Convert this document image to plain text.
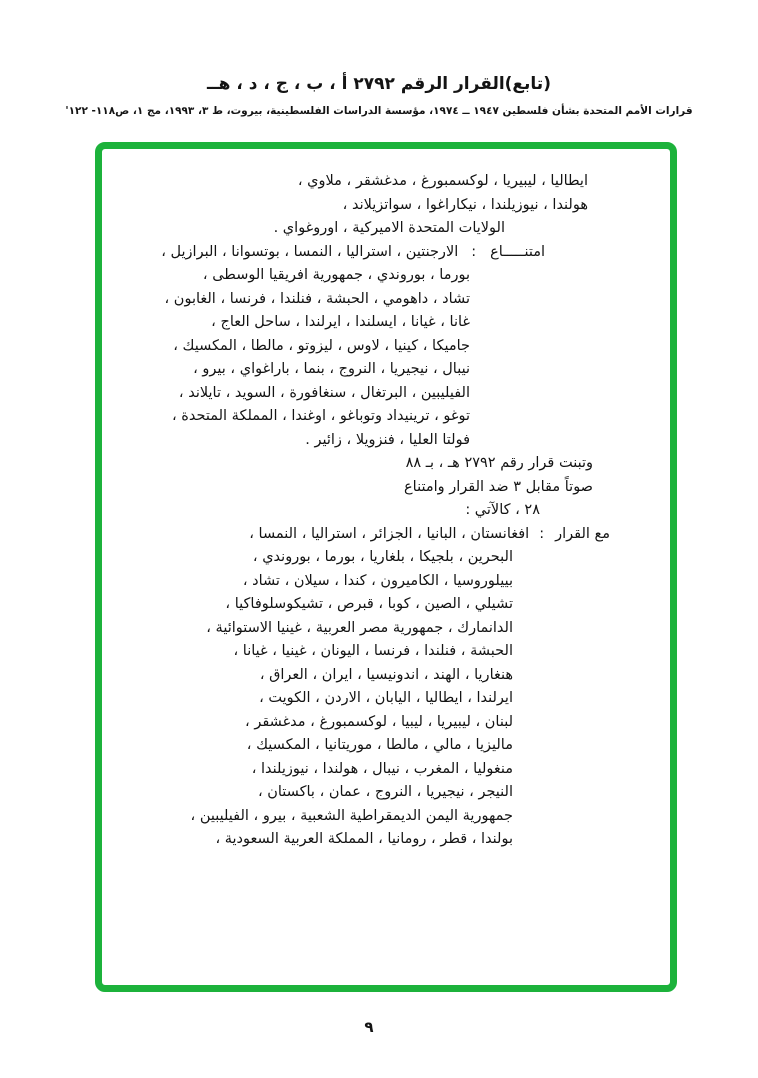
(تابع)القرار الرقم ٢٧٩٢ أ ، ب ، ج ، د ، هــ
قرارات الأمم المتحدة بشأن فلسطين ١٩٤٧ ــ ١٩٧٤، مؤسسة الدراسات الفلسطينية، بيروت، ط ٣، ١٩٩٣، مج ١، ص١١٨- ١٢٢'
ايطاليا ، ليبيريا ، لوكسمبورغ ، مدغشقر ، ملاوي ،
هولندا ، نيوزيلندا ، نيكاراغوا ، سواتزيلاند ،
الولايات المتحدة الاميركية ، اوروغواي .
امتنـــــاع:الارجنتين ، استراليا ، النمسا ، بوتسوانا ، البرازيل ،
بورما ، بوروندي ، جمهورية افريقيا الوسطى ،
تشاد ، داهومي ، الحبشة ، فنلندا ، فرنسا ، الغابون ،
غانا ، غيانا ، ايسلندا ، ايرلندا ، ساحل العاج ،
جاميكا ، كينيا ، لاوس ، ليزوتو ، مالطا ، المكسيك ،
نيبال ، نيجيريا ، النروج ، بنما ، باراغواي ، بيرو ،
الفيليبين ، البرتغال ، سنغافورة ، السويد ، تايلاند ،
توغو ، ترينيداد وتوباغو ، اوغندا ، المملكة المتحدة ،
فولتا العليا ، فنزويلا ، زائير .
وتبنت قرار رقم ٢٧٩٢ هـ ، بـ ٨٨
صوتاً مقابل ٣ ضد القرار وامتناع
٢٨ ، كالآتي :
مع القرار:افغانستان ، البانيا ، الجزائر ، استراليا ، النمسا ،
البحرين ، بلجيكا ، بلغاريا ، بورما ، بوروندي ،
بييلوروسيا ، الكاميرون ، كندا ، سيلان ، تشاد ،
تشيلي ، الصين ، كوبا ، قبرص ، تشيكوسلوفاكيا ،
الدانمارك ، جمهورية مصر العربية ، غينيا الاستوائية ،
الحبشة ، فنلندا ، فرنسا ، اليونان ، غينيا ، غيانا ،
هنغاريا ، الهند ، اندونيسيا ، ايران ، العراق ،
ايرلندا ، ايطاليا ، اليابان ، الاردن ، الكويت ،
لبنان ، ليبيريا ، ليبيا ، لوكسمبورغ ، مدغشقر ،
ماليزيا ، مالي ، مالطا ، موريتانيا ، المكسيك ،
منغوليا ، المغرب ، نيبال ، هولندا ، نيوزيلندا ،
النيجر ، نيجيريا ، النروج ، عمان ، باكستان ،
جمهورية اليمن الديمقراطية الشعبية ، بيرو ، الفيليبين ،
بولندا ، قطر ، رومانيا ، المملكة العربية السعودية ،
٩
